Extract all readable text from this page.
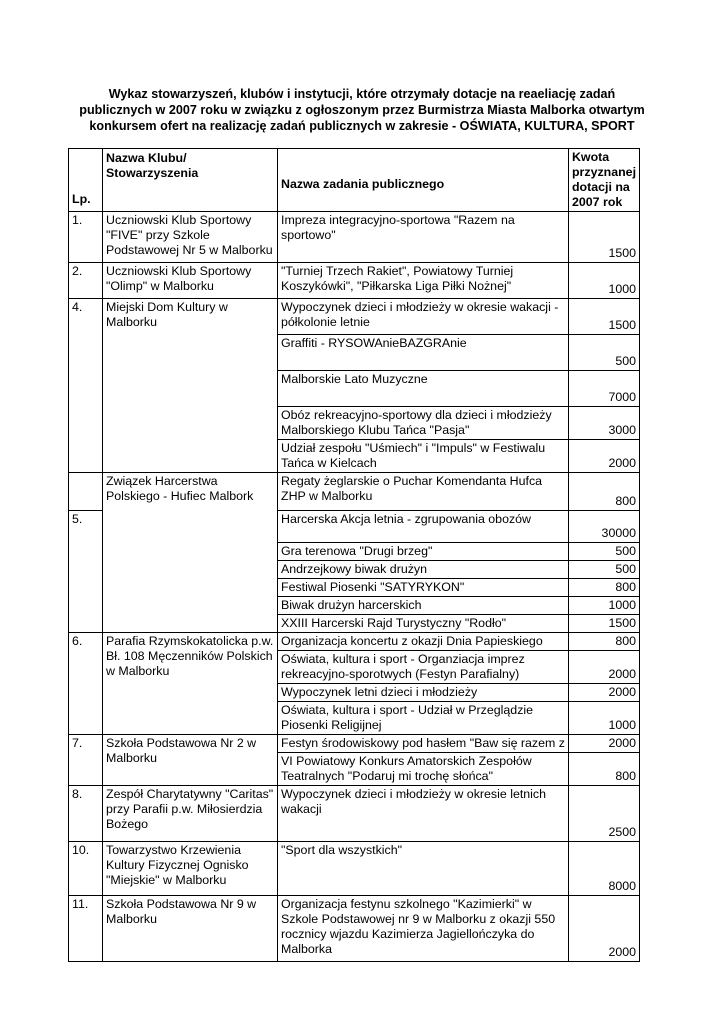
Wykaz stowarzyszeń, klubów i instytucji, które otrzymały dotacje na reaeliację zadań
publicznych w 2007 roku w związku z ogłoszonym przez Burmistrza Miasta Malborka otwartym
konkursem ofert na realizację zadań publicznych w zakresie - OŚWIATA, KULTURA, SPORT
Lp.	Nazwa Klubu/ Stowarzyszenia	Nazwa zadania publicznego	Kwota przyznanej dotacji na 2007 rok
1.	Uczniowski Klub Sportowy "FIVE" przy Szkole Podstawowej Nr 5 w Malborku	Impreza integracyjno-sportowa "Razem na sportowo"	1500
2.	Uczniowski Klub Sportowy "Olimp" w Malborku	"Turniej Trzech Rakiet", Powiatowy Turniej Koszykówki", "Piłkarska Liga Piłki Nożnej"	1000
4.	Miejski Dom Kultury w Malborku	Wypoczynek dzieci i młodzieży w okresie wakacji - półkolonie letnie	1500
		Graffiti - RYSOWAnieBAZGRAnie	500
		Malborskie Lato Muzyczne	7000
		Obóz rekreacyjno-sportowy dla dzieci i młodzieży Malborskiego Klubu Tańca "Pasja"	3000
		Udział zespołu "Uśmiech" i "Impuls" w Festiwalu Tańca w Kielcach	2000
	Związek Harcerstwa Polskiego - Hufiec Malbork	Regaty żeglarskie o Puchar Komendanta Hufca ZHP w Malborku	800
5.		Harcerska Akcja letnia - zgrupowania obozów	30000
		Gra terenowa "Drugi brzeg"	500
		Andrzejkowy biwak drużyn	500
		Festiwal Piosenki "SATYRYKON"	800
		Biwak drużyn harcerskich	1000
		XXIII Harcerski Rajd Turystyczny "Rodło"	1500
6.	Parafia Rzymskokatolicka p.w. Bł. 108 Męczenników Polskich w Malborku	Organizacja koncertu z okazji Dnia Papieskiego	800
		Oświata, kultura i sport - Organziacja imprez rekreacyjno-sporotwych (Festyn Parafialny)	2000
		Wypoczynek letni dzieci i młodzieży	2000
		Oświata, kultura i sport - Udział w Przeglądzie Piosenki Religijnej	1000
7.	Szkoła Podstawowa Nr 2 w Malborku	Festyn środowiskowy pod hasłem "Baw się razem z	2000
		VI Powiatowy Konkurs Amatorskich Zespołów Teatralnych "Podaruj mi trochę słońca"	800
8.	Zespół Charytatywny "Caritas" przy Parafii p.w. Miłosierdzia Bożego	Wypoczynek dzieci i młodzieży w okresie letnich wakacji	2500
10.	Towarzystwo Krzewienia Kultury Fizycznej Ognisko "Miejskie" w Malborku	"Sport dla wszystkich"	8000
11.	Szkoła Podstawowa Nr 9 w Malborku	Organizacja festynu szkolnego "Kazimierki" w Szkole Podstawowej nr 9 w Malborku z okazji 550 rocznicy wjazdu Kazimierza Jagiellończyka do Malborka	2000
